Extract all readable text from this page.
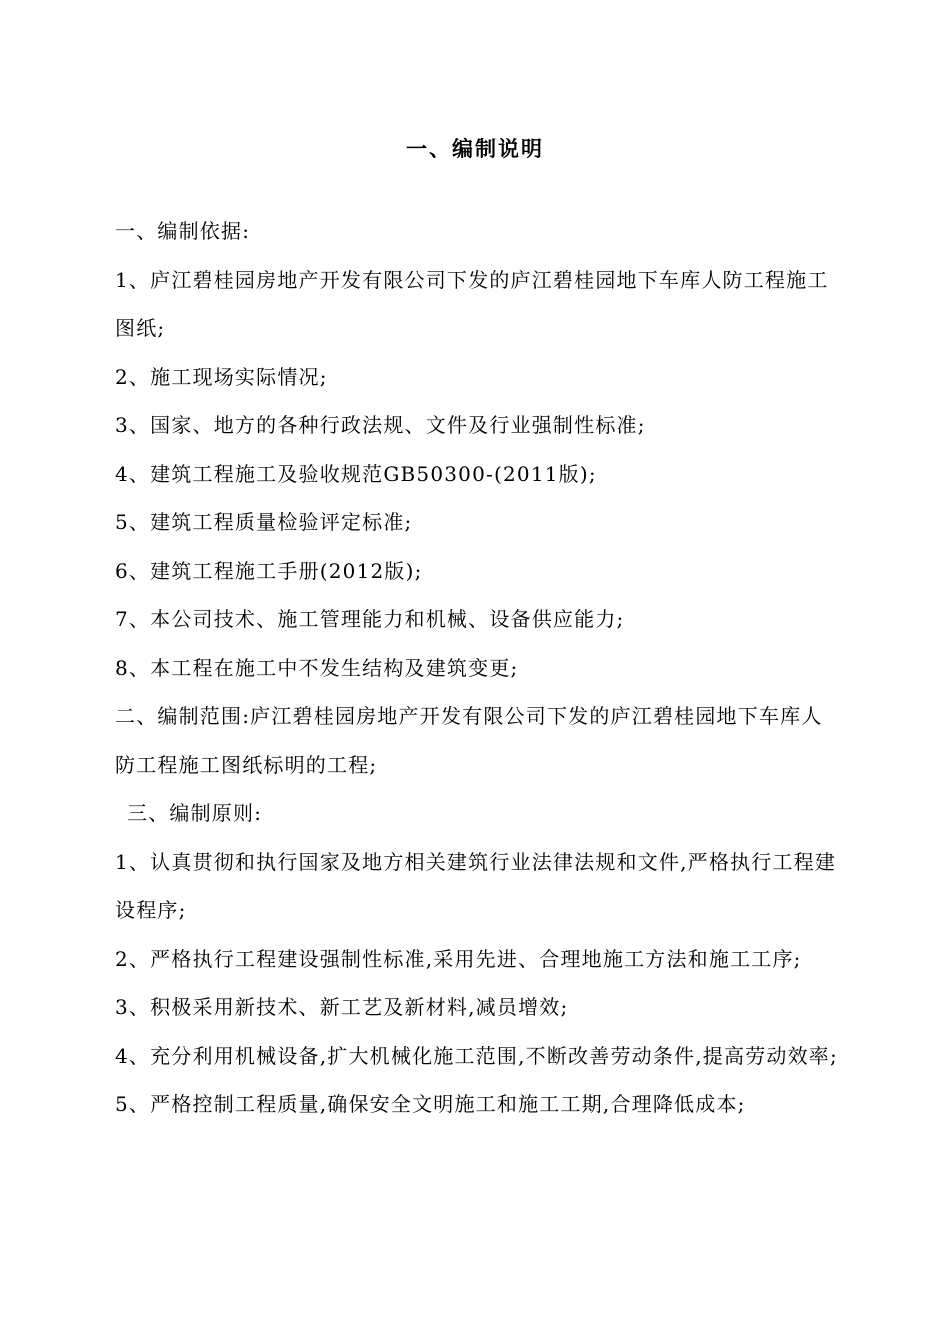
一、编制说明

一、编制依据:

1、庐江碧桂园房地产开发有限公司下发的庐江碧桂园地下车库人防工程施工图纸;

2、施工现场实际情况;

3、国家、地方的各种行政法规、文件及行业强制性标准;

4、建筑工程施工及验收规范GB50300-(2011版);

5、建筑工程质量检验评定标准;

6、建筑工程施工手册(2012版);

7、本公司技术、施工管理能力和机械、设备供应能力;

8、本工程在施工中不发生结构及建筑变更;

二、编制范围:庐江碧桂园房地产开发有限公司下发的庐江碧桂园地下车库人防工程施工图纸标明的工程;

三、编制原则:

1、认真贯彻和执行国家及地方相关建筑行业法律法规和文件,严格执行工程建设程序;

2、严格执行工程建设强制性标准,采用先进、合理地施工方法和施工工序;

3、积极采用新技术、新工艺及新材料,减员增效;

4、充分利用机械设备,扩大机械化施工范围,不断改善劳动条件,提高劳动效率;

5、严格控制工程质量,确保安全文明施工和施工工期,合理降低成本;
